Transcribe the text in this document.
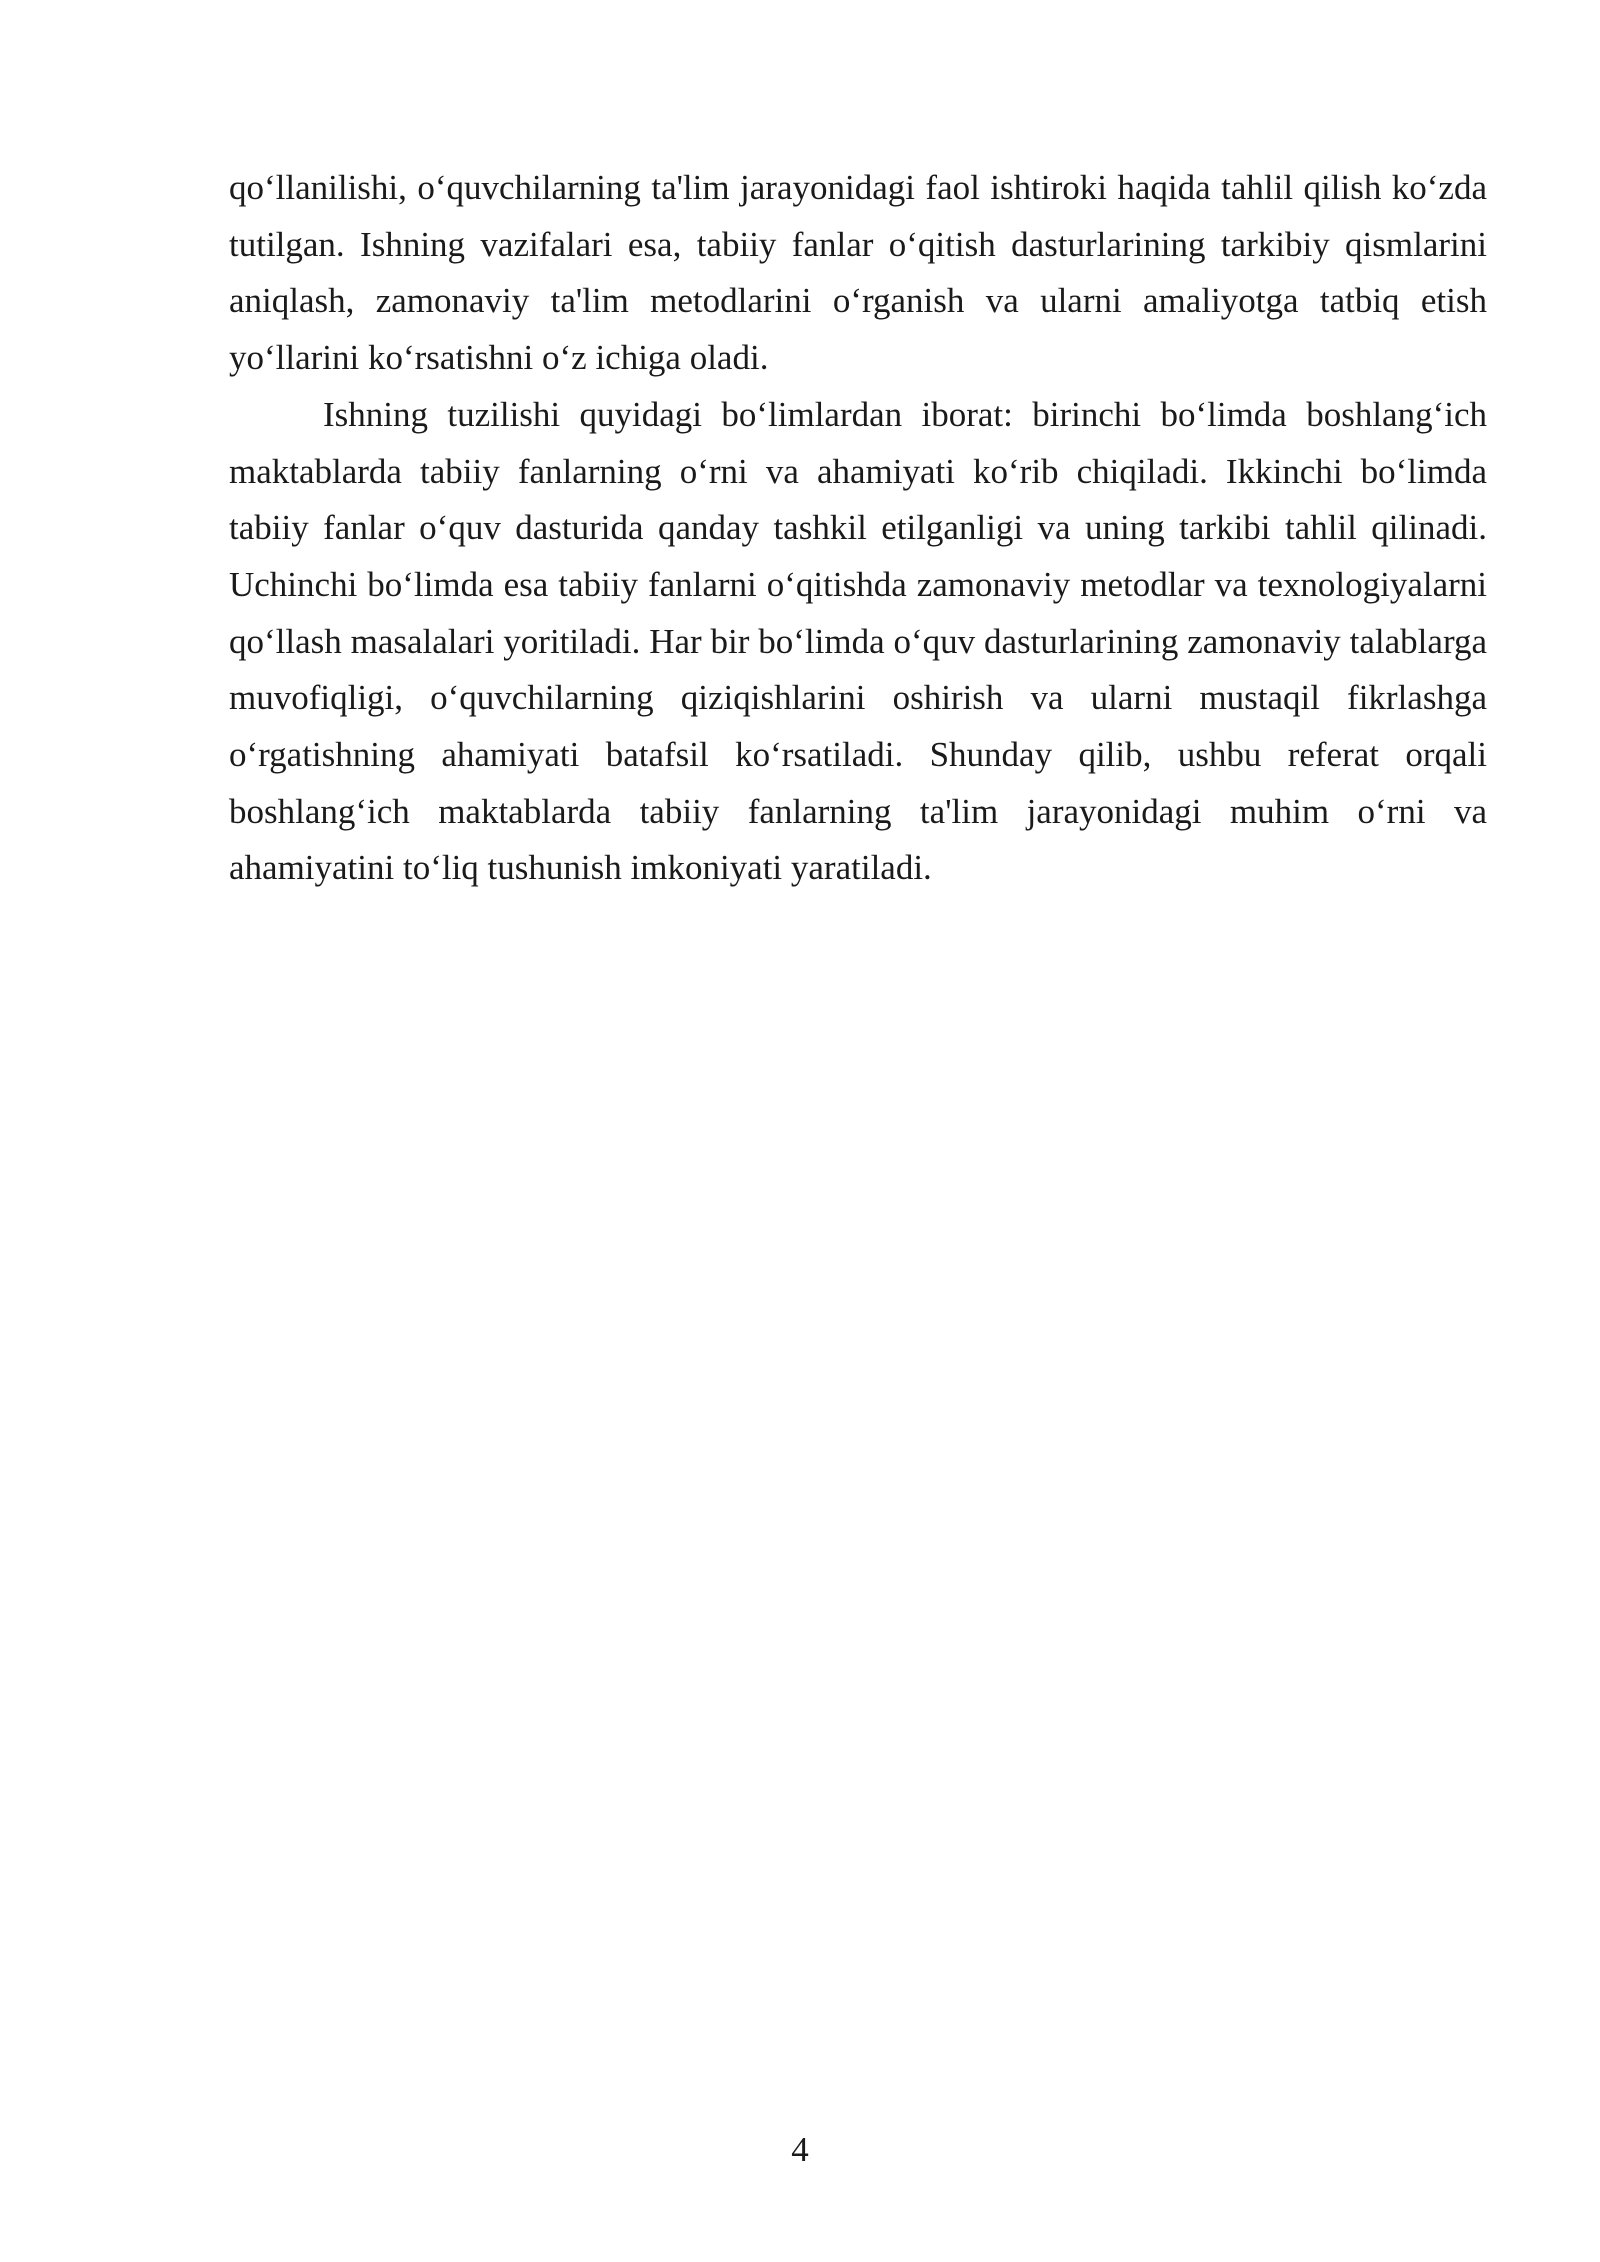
qo‘llanilishi, o‘quvchilarning ta'lim jarayonidagi faol ishtiroki haqida tahlil qilish ko‘zda tutilgan. Ishning vazifalari esa, tabiiy fanlar o‘qitish dasturlarining tarkibiy qismlarini aniqlash, zamonaviy ta'lim metodlarini o‘rganish va ularni amaliyotga tatbiq etish yo‘llarini ko‘rsatishni o‘z ichiga oladi.

Ishning tuzilishi quyidagi bo‘limlardan iborat: birinchi bo‘limda boshlang‘ich maktablarda tabiiy fanlarning o‘rni va ahamiyati ko‘rib chiqiladi. Ikkinchi bo‘limda tabiiy fanlar o‘quv dasturida qanday tashkil etilganligi va uning tarkibi tahlil qilinadi. Uchinchi bo‘limda esa tabiiy fanlarni o‘qitishda zamonaviy metodlar va texnologiyalarni qo‘llash masalalari yoritiladi. Har bir bo‘limda o‘quv dasturlarining zamonaviy talablarga muvofiqligi, o‘quvchilarning qiziqishlarini oshirish va ularni mustaqil fikrlashga o‘rgatishning ahamiyati batafsil ko‘rsatiladi. Shunday qilib, ushbu referat orqali boshlang‘ich maktablarda tabiiy fanlarning ta'lim jarayonidagi muhim o‘rni va ahamiyatini to‘liq tushunish imkoniyati yaratiladi.

4
